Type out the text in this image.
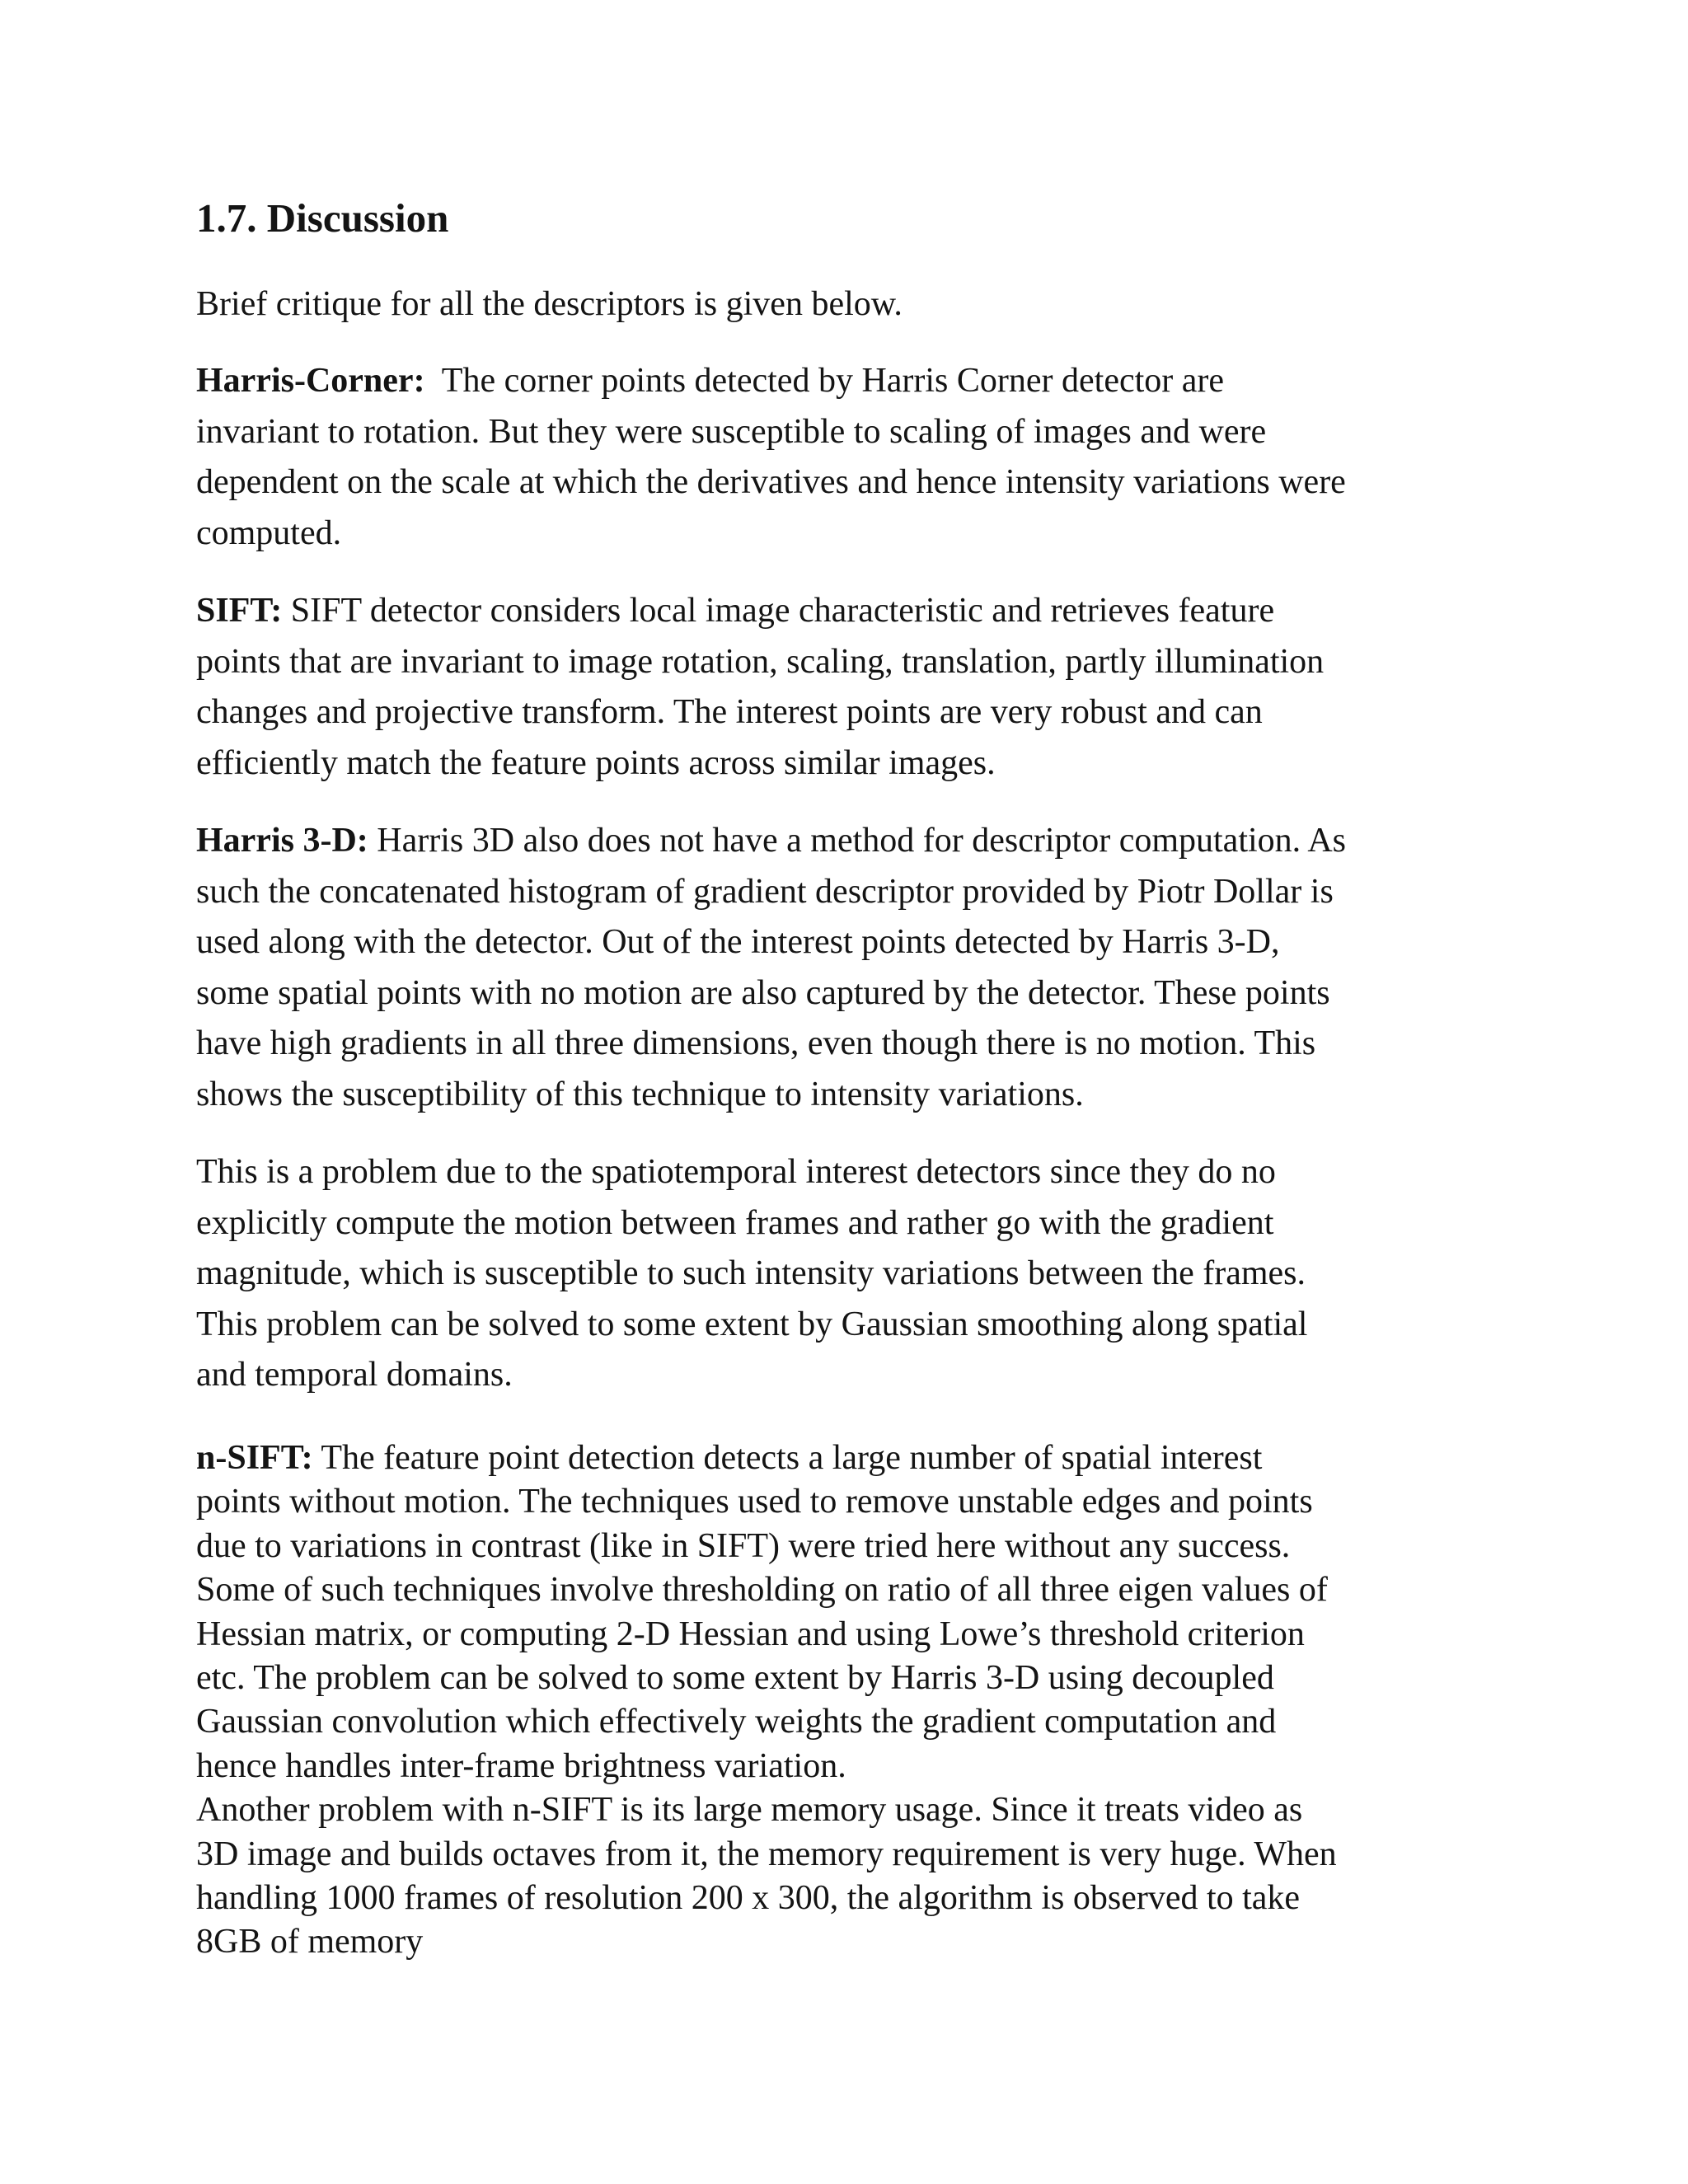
1.7. Discussion

Brief critique for all the descriptors is given below.

Harris-Corner:  The corner points detected by Harris Corner detector are
invariant to rotation. But they were susceptible to scaling of images and were
dependent on the scale at which the derivatives and hence intensity variations were
computed.

SIFT: SIFT detector considers local image characteristic and retrieves feature
points that are invariant to image rotation, scaling, translation, partly illumination
changes and projective transform. The interest points are very robust and can
efficiently match the feature points across similar images.

Harris 3-D: Harris 3D also does not have a method for descriptor computation. As
such the concatenated histogram of gradient descriptor provided by Piotr Dollar is
used along with the detector. Out of the interest points detected by Harris 3-D,
some spatial points with no motion are also captured by the detector. These points
have high gradients in all three dimensions, even though there is no motion. This
shows the susceptibility of this technique to intensity variations.

This is a problem due to the spatiotemporal interest detectors since they do no
explicitly compute the motion between frames and rather go with the gradient
magnitude, which is susceptible to such intensity variations between the frames.
This problem can be solved to some extent by Gaussian smoothing along spatial
and temporal domains.

n-SIFT: The feature point detection detects a large number of spatial interest
points without motion. The techniques used to remove unstable edges and points
due to variations in contrast (like in SIFT) were tried here without any success.
Some of such techniques involve thresholding on ratio of all three eigen values of
Hessian matrix, or computing 2-D Hessian and using Lowe’s threshold criterion
etc. The problem can be solved to some extent by Harris 3-D using decoupled
Gaussian convolution which effectively weights the gradient computation and
hence handles inter-frame brightness variation.
Another problem with n-SIFT is its large memory usage. Since it treats video as
3D image and builds octaves from it, the memory requirement is very huge. When
handling 1000 frames of resolution 200 x 300, the algorithm is observed to take
8GB of memory
